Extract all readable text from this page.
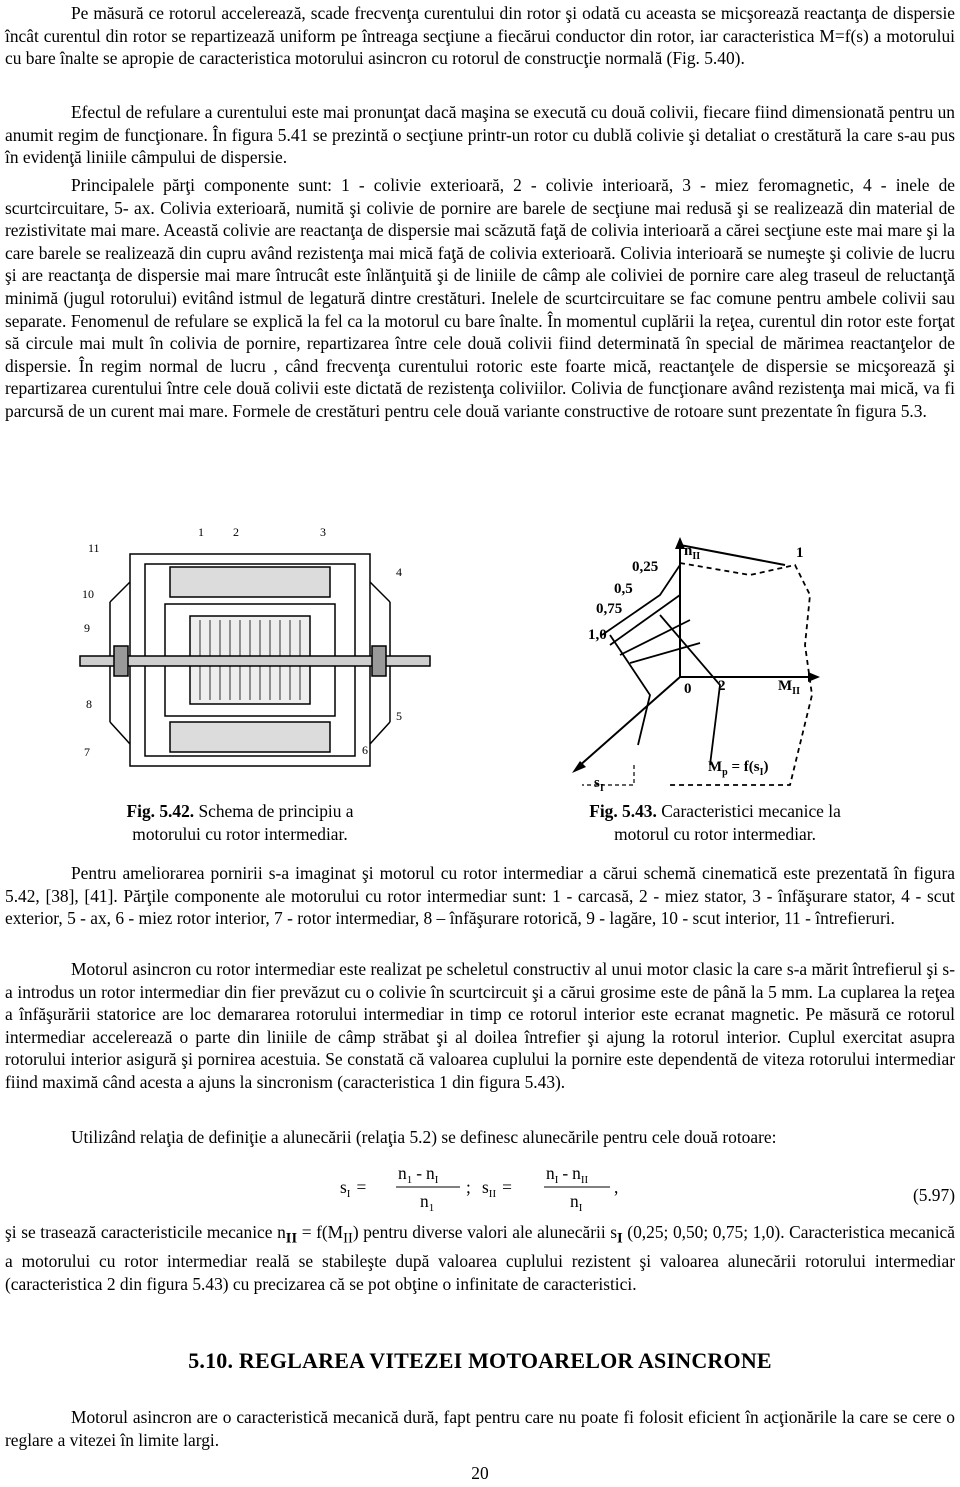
Pe măsură ce rotorul accelerează, scade frecvenţa curentului din rotor şi odată cu aceasta se micşorează reactanţa de dispersie încât curentul din rotor se repartizează uniform pe întreaga secţiune a fiecărui conductor din rotor, iar caracteristica M=f(s) a motorului cu bare înalte se apropie de caracteristica motorului asincron cu rotorul de construcţie normală (Fig. 5.40).

Efectul de refulare a curentului este mai pronunţat dacă maşina se execută cu două colivii, fiecare fiind dimensionată pentru un anumit regim de funcţionare. În figura 5.41 se prezintă o secţiune printr-un rotor cu dublă colivie şi detaliat o crestătură la care s-au pus în evidenţă liniile câmpului de dispersie.

Principalele părţi componente sunt: 1 - colivie exterioară, 2 - colivie interioară, 3 - miez feromagnetic, 4 - inele de scurtcircuitare, 5- ax. Colivia exterioară, numită şi colivie de pornire are barele de secţiune mai redusă şi se realizează din material de rezistivitate mai mare. Această colivie are reactanţa de dispersie mai scăzută faţă de colivia interioară a cărei secţiune este mai mare şi la care barele se realizează din cupru având rezistenţa mai mică faţă de colivia exterioară. Colivia interioară se numeşte şi colivie de lucru şi are reactanţa de dispersie mai mare întrucât este înlănţuită şi de liniile de câmp ale coliviei de pornire care aleg traseul de reluctanţă minimă (jugul rotorului) evitând istmul de legatură dintre crestături. Inelele de scurtcircuitare se fac comune pentru ambele colivii sau separate. Fenomenul de refulare se explică la fel ca la motorul cu bare înalte. În momentul cuplării la reţea, curentul din rotor este forţat să circule mai mult în colivia de pornire, repartizarea între cele două colivii fiind determinată în special de mărimea reactanţelor de dispersie. În regim normal de lucru , când frecvenţa curentului rotoric este foarte mică, reactanţele de dispersie se micşorează şi repartizarea curentului între cele două colivii este dictată de rezistenţa coliviilor. Colivia de funcţionare având rezistenţa mai mică, va fi parcursă de un curent mai mare. Formele de crestături pentru cele două variante constructive de rotoare sunt prezentate în figura 5.3.

1 2	3
4
5
6
7
8
9
10
11
Fig. 5.42. Schema de principiu a
motorului cu rotor intermediar.
$n_{II}$
$M_{II}$
$s_I$
0 2
1
0,25
0,5
0,75
1,0
$M_p = f(s_I)$
Fig. 5.43. Caracteristici mecanice la
motorul cu rotor intermediar.

Pentru ameliorarea pornirii s-a imaginat şi motorul cu rotor intermediar a cărui schemă cinematică este prezentată în figura 5.42, [38], [41]. Părţile componente ale motorului cu rotor intermediar sunt: 1 - carcasă, 2 - miez stator, 3 - înfăşurare stator, 4 - scut exterior, 5 - ax, 6 - miez rotor interior, 7 - rotor intermediar, 8 – înfăşurare rotorică, 9 - lagăre, 10 - scut interior, 11 - întrefieruri.

Motorul asincron cu rotor intermediar este realizat pe scheletul constructiv al unui motor clasic la care s-a mărit întrefierul şi s-a introdus un rotor intermediar din fier prevăzut cu o colivie în scurtcircuit şi a cărui grosime este de până la 5 mm. La cuplarea la reţea a înfăşurării statorice are loc demararea rotorului intermediar in timp ce rotorul interior este ecranat magnetic. Pe măsură ce rotorul intermediar accelerează o parte din liniile de câmp străbat şi al doilea întrefier şi ajung la rotorul interior. Cuplul exercitat asupra rotorului interior asigură şi pornirea acestuia. Se constată că valoarea cuplului la pornire este dependentă de viteza rotorului intermediar fiind maximă când acesta a ajuns la sincronism (caracteristica 1 din figura 5.43).

Utilizând relaţia de definiţie a alunecării (relaţia 5.2) se definesc alunecările pentru cele două rotoare:

$s_I$ =
$n_1 - n_I$
$n_1$
; $s_{II}$ =
$n_I - n_{II}$
$n_I$
,	(5.97)

şi se trasează caracteristicile mecanice $n_{II} = f(M_{II})$ pentru diverse valori ale alunecării $s_I$ (0,25; 0,50; 0,75; 1,0). Caracteristica mecanică a motorului cu rotor intermediar reală se stabileşte după valoarea cuplului rezistent şi valoarea alunecării rotorului intermediar (caracteristica 2 din figura 5.43) cu precizarea că se pot obţine o infinitate de caracteristici.

5.10. REGLAREA VITEZEI MOTOARELOR ASINCRONE

Motorul asincron are o caracteristică mecanică dură, fapt pentru care nu poate fi folosit eficient în acţionările la care se cere o reglare a vitezei în limite largi.

20
